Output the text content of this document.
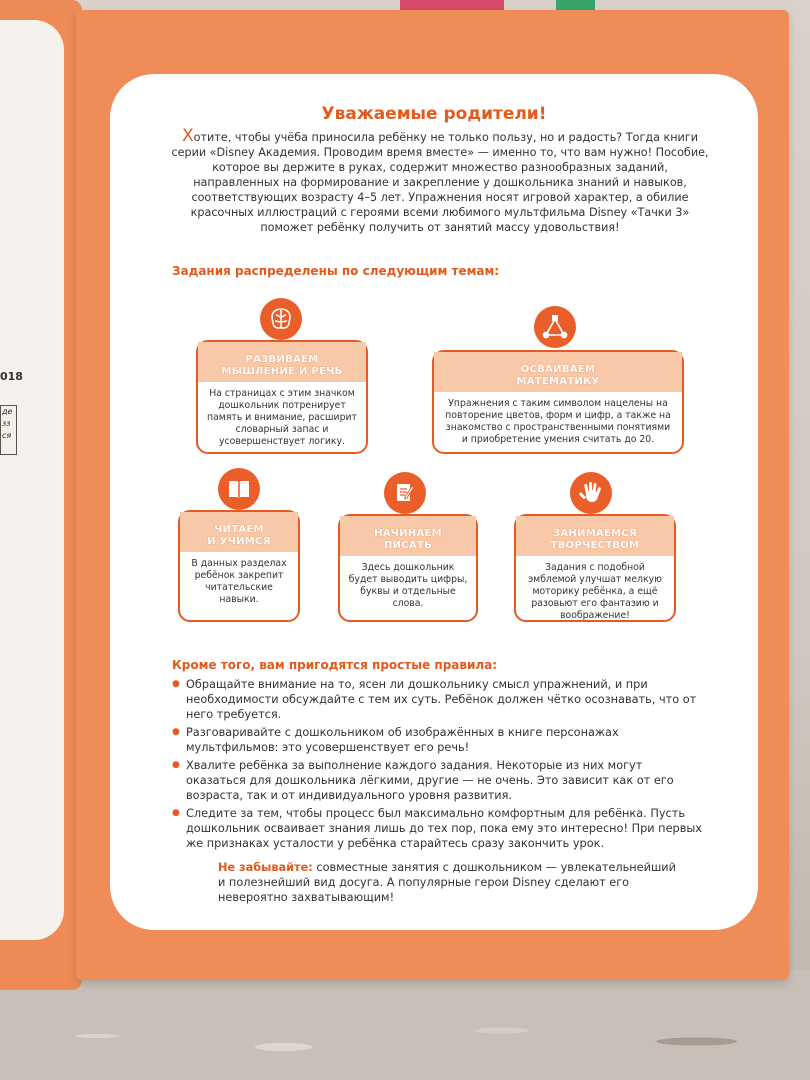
018
де
зз
ся
Уважаемые родители!
Хотите, чтобы учёба приносила ребёнку не только пользу, но и радость? Тогда книги серии «Disney Академия. Проводим время вместе» — именно то, что вам нужно! Пособие, которое вы держите в руках, содержит множество разнообразных заданий, направленных на формирование и закрепление у дошкольника знаний и навыков, соответствующих возрасту 4–5 лет. Упражнения носят игровой характер, а обилие красочных иллюстраций с героями всеми любимого мультфильма Disney «Тачки 3» поможет ребёнку получить от занятий массу удовольствия!
Задания распределены по следующим темам:
РАЗВИВАЕМ
МЫШЛЕНИЕ И РЕЧЬ
На страницах с этим значком дошкольник потренирует память и внимание, расширит словарный запас и усовершенствует логику.
ОСВАИВАЕМ
МАТЕМАТИКУ
Упражнения с таким символом нацелены на повторение цветов, форм и цифр, а также на знакомство с пространственными понятиями и приобретение умения считать до 20.
ЧИТАЕМ
И УЧИМСЯ
В данных разделах ребёнок закрепит читательские навыки.
НАЧИНАЕМ
ПИСАТЬ
Здесь дошкольник будет выводить цифры, буквы и отдельные слова.
ЗАНИМАЕМСЯ
ТВОРЧЕСТВОМ
Задания с подобной эмблемой улучшат мелкую моторику ребёнка, а ещё разовьют его фантазию и воображение!
Кроме того, вам пригодятся простые правила:
● Обращайте внимание на то, ясен ли дошкольнику смысл упражнений, и при необходимости обсуждайте с тем их суть. Ребёнок должен чётко осознавать, что от него требуется.
● Разговаривайте с дошкольником об изображённых в книге персонажах мультфильмов: это усовершенствует его речь!
● Хвалите ребёнка за выполнение каждого задания. Некоторые из них могут оказаться для дошкольника лёгкими, другие — не очень. Это зависит как от его возраста, так и от индивидуального уровня развития.
● Следите за тем, чтобы процесс был максимально комфортным для ребёнка. Пусть дошкольник осваивает знания лишь до тех пор, пока ему это интересно! При первых же признаках усталости у ребёнка старайтесь сразу закончить урок.
Не забывайте: совместные занятия с дошкольником — увлекательнейший и полезнейший вид досуга. А популярные герои Disney сделают его невероятно захватывающим!
